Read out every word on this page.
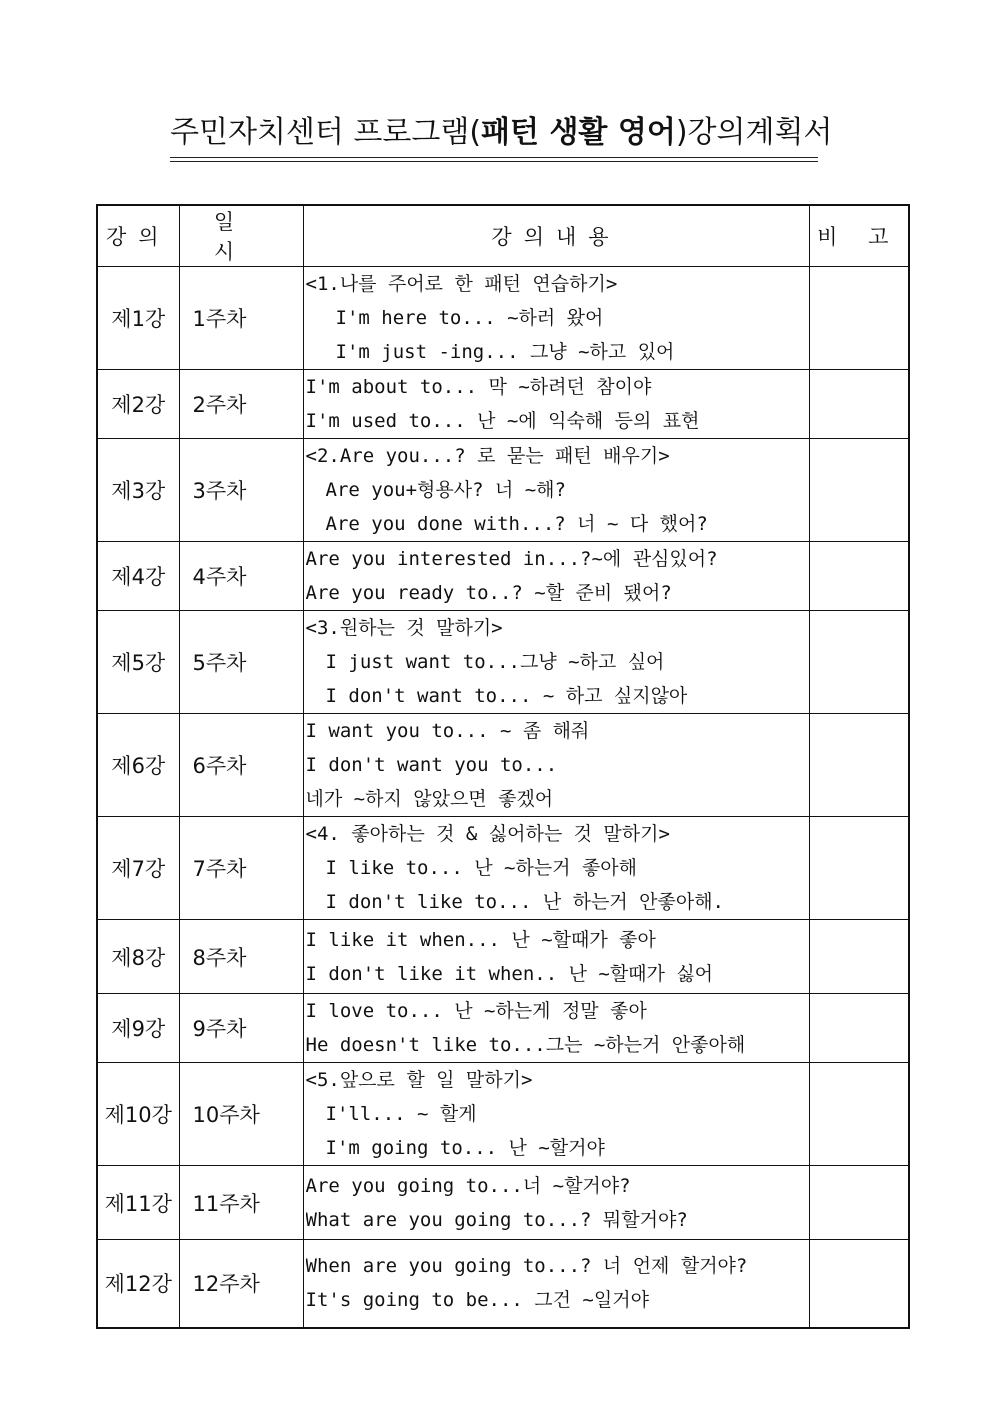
주민자치센터 프로그램(패턴 생활 영어)강의계획서
강의	일 시	강의내용	비 고
제1강	1주차	<1.나를 주어로 한 패턴 연습하기>
I'm here to... ~하러 왔어
I'm just -ing... 그냥 ~하고 있어	

제2강	2주차	I'm about to... 막 ~하려던 참이야
I'm used to... 난 ~에 익숙해 등의 표현	

제3강	3주차	<2.Are you...? 로 묻는 패턴 배우기>
Are you+형용사? 너 ~해?
Are you done with...? 너 ~ 다 했어?	

제4강	4주차	Are you interested in...?~에 관심있어?
Are you ready to..? ~할 준비 됐어?	

제5강	5주차	<3.원하는 것 말하기>
I just want to...그냥 ~하고 싶어
I don't want to... ~ 하고 싶지않아	

제6강	6주차	I want you to... ~ 좀 해줘
I don't want you to...
네가 ~하지 않았으면 좋겠어	

제7강	7주차	<4. 좋아하는 것 & 싫어하는 것 말하기>
I like to... 난 ~하는거 좋아해
I don't like to... 난 하는거 안좋아해.	

제8강	8주차	I like it when... 난 ~할때가 좋아
I don't like it when.. 난 ~할때가 싫어	

제9강	9주차	I love to... 난 ~하는게 정말 좋아
He doesn't like to...그는 ~하는거 안좋아해	

제10강	10주차	<5.앞으로 할 일 말하기>
I'll... ~ 할게
I'm going to... 난 ~할거야	

제11강	11주차	Are you going to...너 ~할거야?
What are you going to...? 뭐할거야?	

제12강	12주차	When are you going to...? 너 언제 할거야?
It's going to be... 그건 ~일거야	
